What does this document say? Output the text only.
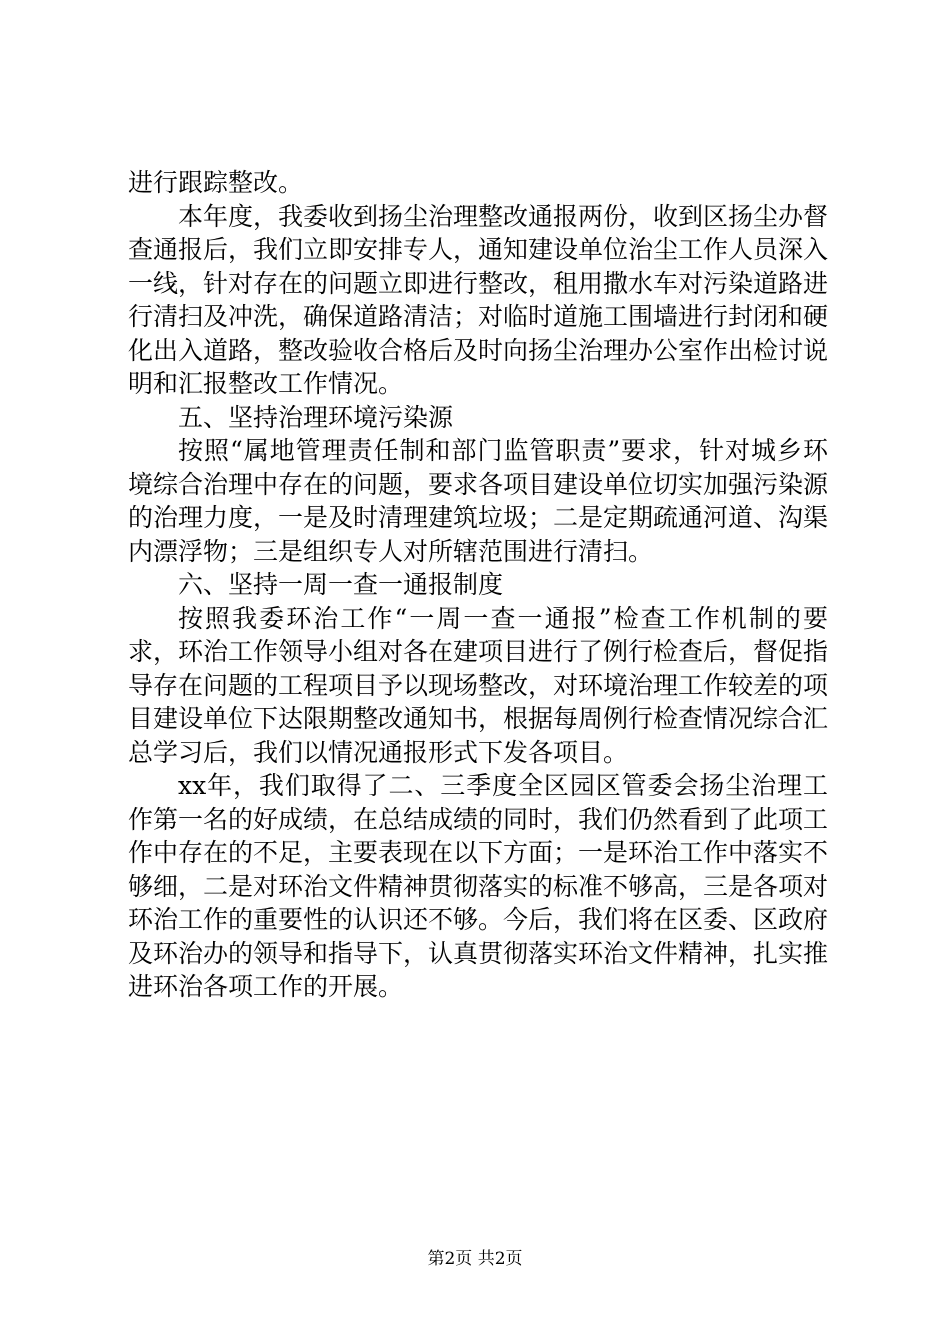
进行跟踪整改。

本年度，我委收到扬尘治理整改通报两份，收到区扬尘办督查通报后，我们立即安排专人，通知建设单位治尘工作人员深入一线，针对存在的问题立即进行整改，租用撒水车对污染道路进行清扫及冲洗，确保道路清洁；对临时道施工围墙进行封闭和硬化出入道路，整改验收合格后及时向扬尘治理办公室作出检讨说明和汇报整改工作情况。

五、坚持治理环境污染源

按照“属地管理责任制和部门监管职责”要求，针对城乡环境综合治理中存在的问题，要求各项目建设单位切实加强污染源的治理力度，一是及时清理建筑垃圾；二是定期疏通河道、沟渠内漂浮物；三是组织专人对所辖范围进行清扫。

六、坚持一周一查一通报制度

按照我委环治工作“一周一查一通报”检查工作机制的要求，环治工作领导小组对各在建项目进行了例行检查后，督促指导存在问题的工程项目予以现场整改，对环境治理工作较差的项目建设单位下达限期整改通知书，根据每周例行检查情况综合汇总学习后，我们以情况通报形式下发各项目。

xx年，我们取得了二、三季度全区园区管委会扬尘治理工作第一名的好成绩，在总结成绩的同时，我们仍然看到了此项工作中存在的不足，主要表现在以下方面；一是环治工作中落实不够细，二是对环治文件精神贯彻落实的标准不够高，三是各项对环治工作的重要性的认识还不够。今后，我们将在区委、区政府及环治办的领导和指导下，认真贯彻落实环治文件精神，扎实推进环治各项工作的开展。

第2页 共2页
